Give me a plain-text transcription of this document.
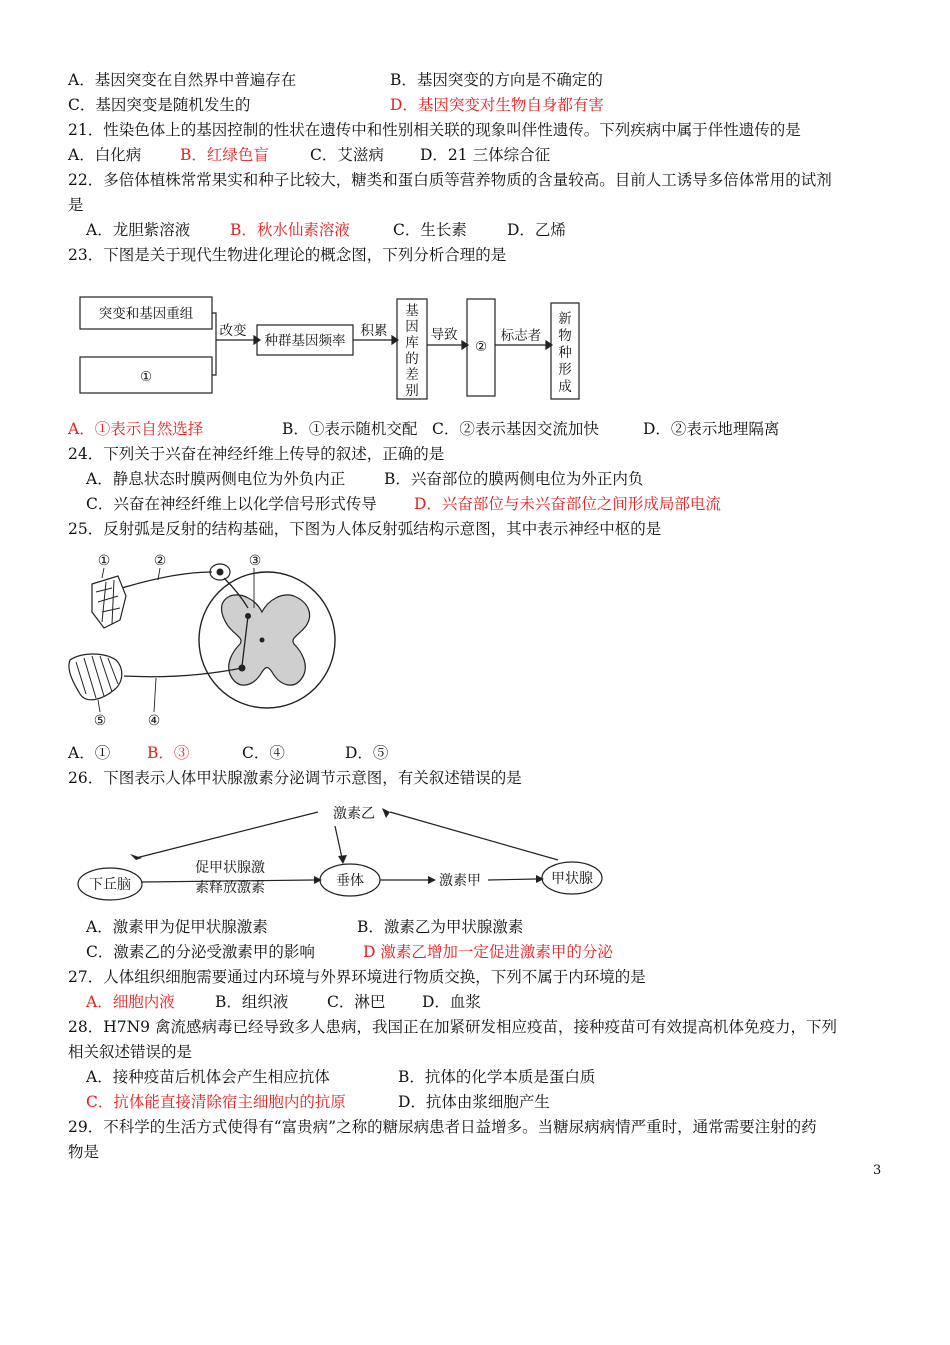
A．基因突变在自然界中普遍存在	B．基因突变的方向是不确定的
C．基因突变是随机发生的	D．基因突变对生物自身都有害
21．性染色体上的基因控制的性状在遗传中和性别相关联的现象叫伴性遗传。下列疾病中属于伴性遗传的是
A．白化病	B．红绿色盲	C．艾滋病 D．21 三体综合征
22．多倍体植株常常果实和种子比较大，糖类和蛋白质等营养物质的含量较高。目前人工诱导多倍体常用的试剂
是
A．龙胆紫溶液	B．秋水仙素溶液	C．生长素	D．乙烯
23．下图是关于现代生物进化理论的概念图，下列分析合理的是
突变和基因重组
①
改变
种群基因频率
积累
基
因
库
的
差
别
导致
②
标志者
新
物
种
形
成
A．①表示自然选择	B．①表示随机交配 C．②表示基因交流加快	D．②表示地理隔离
24．下列关于兴奋在神经纤维上传导的叙述，正确的是
A．静息状态时膜两侧电位为外负内正	B．兴奋部位的膜两侧电位为外正内负
C．兴奋在神经纤维上以化学信号形式传导 D．兴奋部位与未兴奋部位之间形成局部电流
25．反射弧是反射的结构基础，下图为人体反射弧结构示意图，其中表示神经中枢的是
①	②	③
④
⑤
A．① B．③	C．④	D．⑤
26．下图表示人体甲状腺激素分泌调节示意图，有关叙述错误的是
激素乙
下丘脑
促甲状腺激
素释放激素	垂体	激素甲	甲状腺
A．激素甲为促甲状腺激素	B．激素乙为甲状腺激素
C．激素乙的分泌受激素甲的影响	D 激素乙增加一定促进激素甲的分泌
27．人体组织细胞需要通过内环境与外界环境进行物质交换，下列不属于内环境的是
A．细胞内液	B．组织液 C．淋巴 D．血浆
28．H7N9 禽流感病毒已经导致多人患病，我国正在加紧研发相应疫苗，接种疫苗可有效提高机体免疫力，下列
相关叙述错误的是
A．接种疫苗后机体会产生相应抗体	B．抗体的化学本质是蛋白质
C．抗体能直接清除宿主细胞内的抗原	D．抗体由浆细胞产生
29．不科学的生活方式使得有“富贵病”之称的糖尿病患者日益增多。当糖尿病病情严重时，通常需要注射的药
物是
3
